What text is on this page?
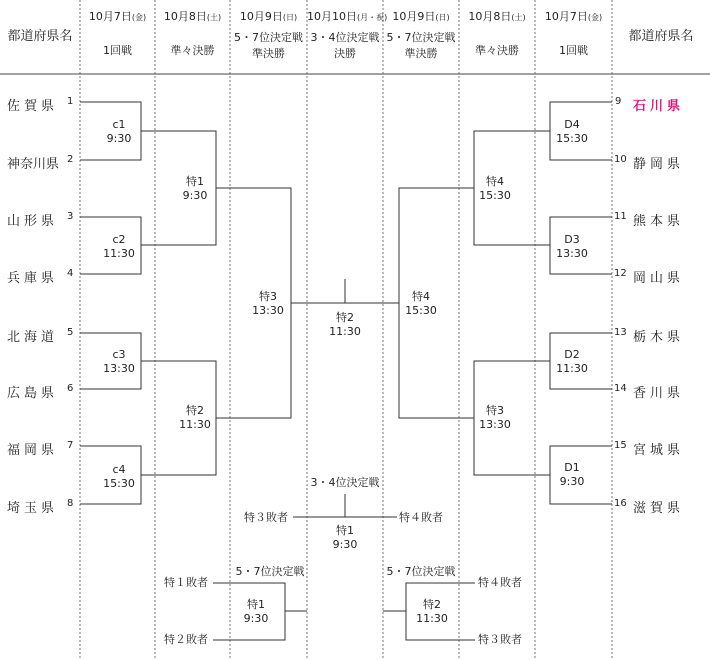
都道府県名	都道府県名
10月7日(金)
1回戦
10月8日(土)
準々決勝
10月9日(日)
5・7位決定戦
準決勝
10月10日(月・祝)
3・4位決定戦
決勝
10月9日(日)
5・7位決定戦
準決勝
10月8日(土)
準々決勝
10月7日(金)
1回戦
佐賀県 1
神奈川県 2
山形県 3
兵庫県 4
北海道 5
広島県 6
福岡県 7
埼玉県 8
9 石川県
10 静岡県
11 熊本県
12 岡山県
13 栃木県
14 香川県
15 宮城県
16 滋賀県
c1
9:30
c2
11:30
c3
13:30
c4
15:30
D4
15:30
D3
13:30
D2
11:30
D1
9:30
特1
9:30
特2
11:30
特4
15:30
特3
13:30
特3
13:30
特4
15:30
特2
11:30
3・4位決定戦
特３敗者	特４敗者
特1
9:30
5・7位決定戦
特１敗者
特２敗者
特1
9:30
5・7位決定戦
特４敗者
特３敗者
特2
11:30
